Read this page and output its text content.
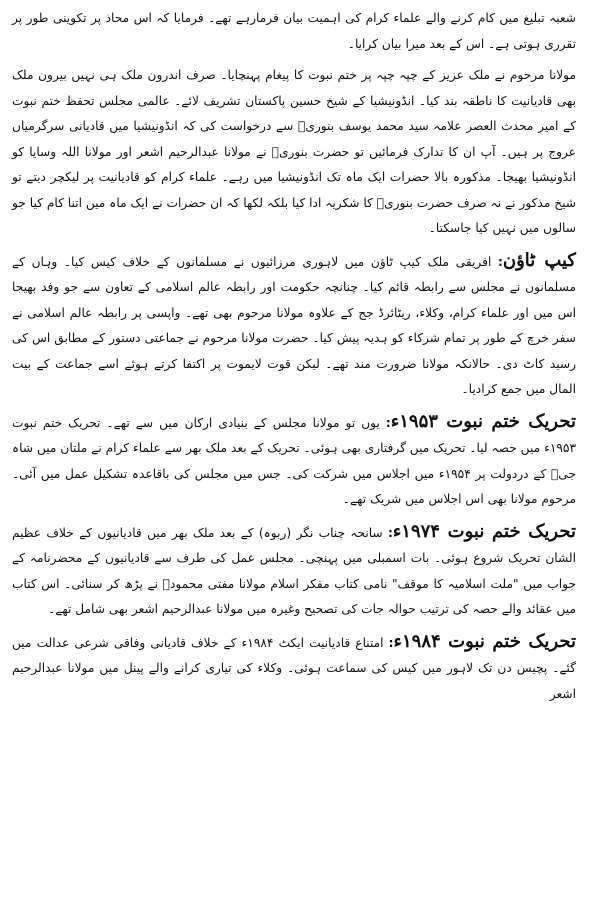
شعبہ تبلیغ میں کام کرنے والے علماء کرام کی اہمیت بیان فرمارہے تھے۔ فرمایا کہ اس محاذ پر تکوینی طور پر تقرری ہوتی ہے۔ اس کے بعد میرا بیان کرایا۔

مولانا مرحوم نے ملک عزیز کے چپہ چپہ پر ختم نبوت کا پیغام پہنچایا۔ صرف اندرون ملک ہی نہیں بیرون ملک بھی قادیانیت کا ناطقہ بند کیا۔ انڈونیشیا کے شیخ حسین پاکستان تشریف لائے۔ عالمی مجلس تحفظ ختم نبوت کے امیر محدث العصر علامہ سید محمد یوسف بنوریؒ سے درخواست کی کہ انڈونیشیا میں قادیانی سرگرمیاں عروج پر ہیں۔ آپ ان کا تدارک فرمائیں تو حضرت بنوریؒ نے مولانا عبدالرحیم اشعر اور مولانا اللہ وسایا کو انڈونیشیا بھیجا۔ مذکورہ بالا حضرات ایک ماہ تک انڈونیشیا میں رہے۔ علماء کرام کو قادیانیت پر لیکچر دیتے تو شیخ مذکور نے نہ صرف حضرت بنوریؒ کا شکریہ ادا کیا بلکہ لکھا کہ ان حضرات نے ایک ماہ میں اتنا کام کیا جو سالوں میں نہیں کیا جاسکتا۔

کیپ ٹاؤن: افریقی ملک کیپ ٹاؤن میں لاہوری مرزائیوں نے مسلمانوں کے خلاف کیس کیا۔ وہاں کے مسلمانوں نے مجلس سے رابطہ قائم کیا۔ چنانچہ حکومت اور رابطہ عالم اسلامی کے تعاون سے جو وفد بھیجا اس میں اور علماء کرام، وکلاء، ریٹائرڈ جج کے علاوہ مولانا مرحوم بھی تھے۔ واپسی پر رابطہ عالم اسلامی نے سفر خرچ کے طور پر تمام شرکاء کو ہدیہ پیش کیا۔ حضرت مولانا مرحوم نے جماعتی دستور کے مطابق اس کی رسید کاٹ دی۔ حالانکہ مولانا ضرورت مند تھے۔ لیکن قوت لایموت پر اکتفا کرتے ہوئے اسے جماعت کے بیت المال میں جمع کرادیا۔

تحریک ختم نبوت ۱۹۵۳ء: یوں تو مولانا مجلس کے بنیادی ارکان میں سے تھے۔ تحریک ختم نبوت ۱۹۵۳ء میں حصہ لیا۔ تحریک میں گرفتاری بھی ہوئی۔ تحریک کے بعد ملک بھر سے علماء کرام نے ملتان میں شاہ جیؒ کے دردولت پر ۱۹۵۴ء میں اجلاس میں شرکت کی۔ جس میں مجلس کی باقاعدہ تشکیل عمل میں آئی۔ مرحوم مولانا بھی اس اجلاس میں شریک تھے۔

تحریک ختم نبوت ۱۹۷۴ء: سانحہ چناب نگر (ربوہ) کے بعد ملک بھر میں قادیانیوں کے خلاف عظیم الشان تحریک شروع ہوئی۔ بات اسمبلی میں پہنچی۔ مجلس عمل کی طرف سے قادیانیوں کے محضرنامہ کے جواب میں "ملت اسلامیہ کا موقف" نامی کتاب مفکر اسلام مولانا مفتی محمودؒ نے پڑھ کر سنائی۔ اس کتاب میں عقائد والے حصہ کی ترتیب حوالہ جات کی تصحیح وغیرہ میں مولانا عبدالرحیم اشعر بھی شامل تھے۔

تحریک ختم نبوت ۱۹۸۴ء: امتناع قادیانیت ایکٹ ۱۹۸۴ء کے خلاف قادیانی وفاقی شرعی عدالت میں گئے۔ پچیس دن تک لاہور میں کیس کی سماعت ہوئی۔ وکلاء کی تیاری کرانے والے پینل میں مولانا عبدالرحیم اشعر
